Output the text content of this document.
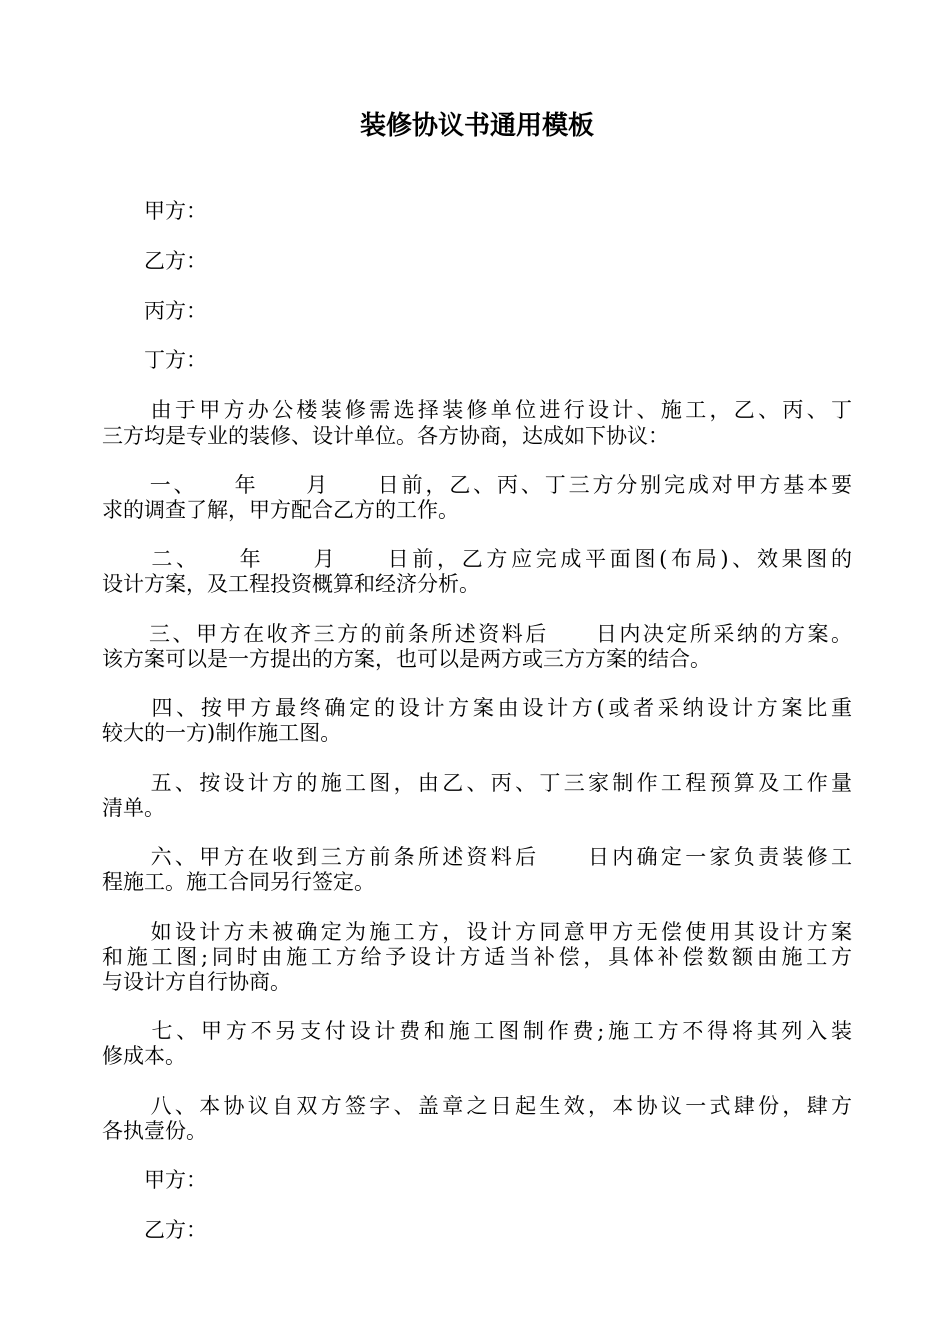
装修协议书通用模板

　　甲方：

　　乙方：

　　丙方：

　　丁方：

　　由于甲方办公楼装修需选择装修单位进行设计、施工，乙、丙、丁

三方均是专业的装修、设计单位。各方协商，达成如下协议：

　　一、　　年　　月　　日前，乙、丙、丁三方分别完成对甲方基本要

求的调查了解，甲方配合乙方的工作。

　　二、　　年　　月　　日前，乙方应完成平面图(布局)、效果图的

设计方案，及工程投资概算和经济分析。

　　三、甲方在收齐三方的前条所述资料后　　日内决定所采纳的方案。

该方案可以是一方提出的方案，也可以是两方或三方方案的结合。

　　四、按甲方最终确定的设计方案由设计方(或者采纳设计方案比重

较大的一方)制作施工图。

　　五、按设计方的施工图，由乙、丙、丁三家制作工程预算及工作量

清单。

　　六、甲方在收到三方前条所述资料后　　日内确定一家负责装修工

程施工。施工合同另行签定。

　　如设计方未被确定为施工方，设计方同意甲方无偿使用其设计方案

和施工图;同时由施工方给予设计方适当补偿，具体补偿数额由施工方

与设计方自行协商。

　　七、甲方不另支付设计费和施工图制作费;施工方不得将其列入装

修成本。

　　八、本协议自双方签字、盖章之日起生效，本协议一式肆份，肆方

各执壹份。

　　甲方：

　　乙方：
